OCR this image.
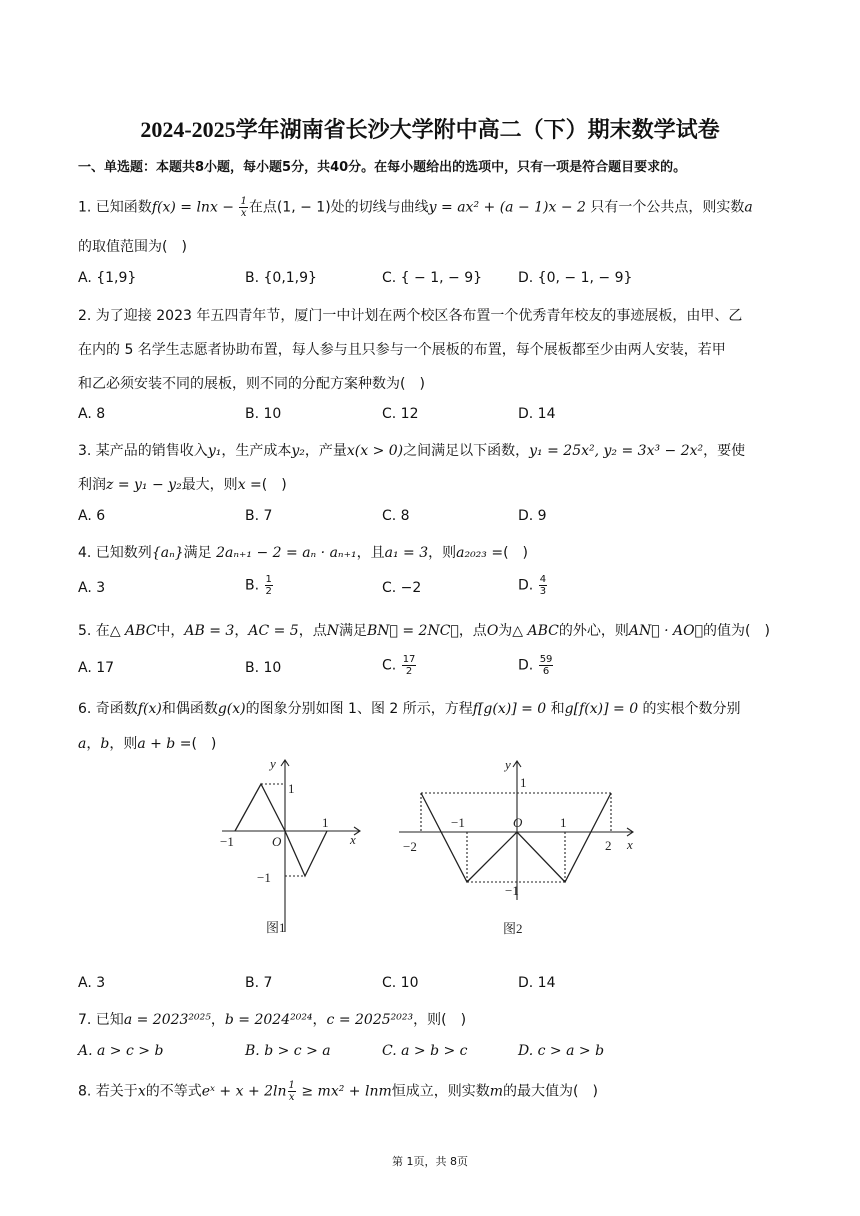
2024-2025学年湖南省长沙大学附中高二（下）期末数学试卷
一、单选题：本题共8小题，每小题5分，共40分。在每小题给出的选项中，只有一项是符合题目要求的。
1. 已知函数$f(x) = \ln x - \frac{1}{x}$ 在点(1, − 1)处的切线与曲线y = ax² + (a − 1)x − 2 只有一个公共点，则实数a
的取值范围为(　)
A. {1,9}	B. {0,1,9}	C. { − 1, − 9}	D. {0, − 1, − 9}
2. 为了迎接 2023 年五四青年节，厦门一中计划在两个校区各布置一个优秀青年校友的事迹展板，由甲、乙
在内的 5 名学生志愿者协助布置，每人参与且只参与一个展板的布置，每个展板都至少由两人安装，若甲
和乙必须安装不同的展板，则不同的分配方案种数为(　)
A. 8	B. 10	C. 12	D. 14
3. 某产品的销售收入y₁，生产成本y₂，产量x(x > 0)之间满足以下函数，y₁ = 25x², y₂ = 3x³ − 2x²，要使
利润z = y₁ − y₂最大，则x =(　)
A. 6	B. 7	C. 8	D. 9
4. 已知数列{aₙ}满足 2aₙ₊₁ − 2 = aₙ · aₙ₊₁，且a₁ = 3，则a₂₀₂₃ =(　)
A. 3	B. $\frac{1}{2}$	C. −2	D. $\frac{4}{3}$
5. 在△ ABC中，AB = 3，AC = 5，点N满足BN⃗ = 2NC⃗，点O为△ ABC的外心，则AN⃗ · AO⃗的值为(　)
A. 17	B. 10	C. $\frac{17}{2}$	D. $\frac{59}{6}$
6. 奇函数f(x)和偶函数g(x)的图象分别如图 1、图 2 所示，方程f[g(x)] = 0 和g[f(x)] = 0 的实根个数分别
a，b，则a + b =(　)
y
1
−1	O
1
x
−1
图1
y
1
−2
−1	O	1
2 x
−1
图2
A. 3	B. 7	C. 10	D. 14
7. 已知a = 2023²⁰²⁵，b = 2024²⁰²⁴，c = 2025²⁰²³，则(　)
A. a > c > b	B. b > c > a	C. a > b > c	D. c > a > b
8. 若关于x的不等式eˣ + $x + 2\ln \frac{1}{x} \ge mx^2 + \ln m$恒成立，则实数m的最大值为(　)
第 1页，共 8页
